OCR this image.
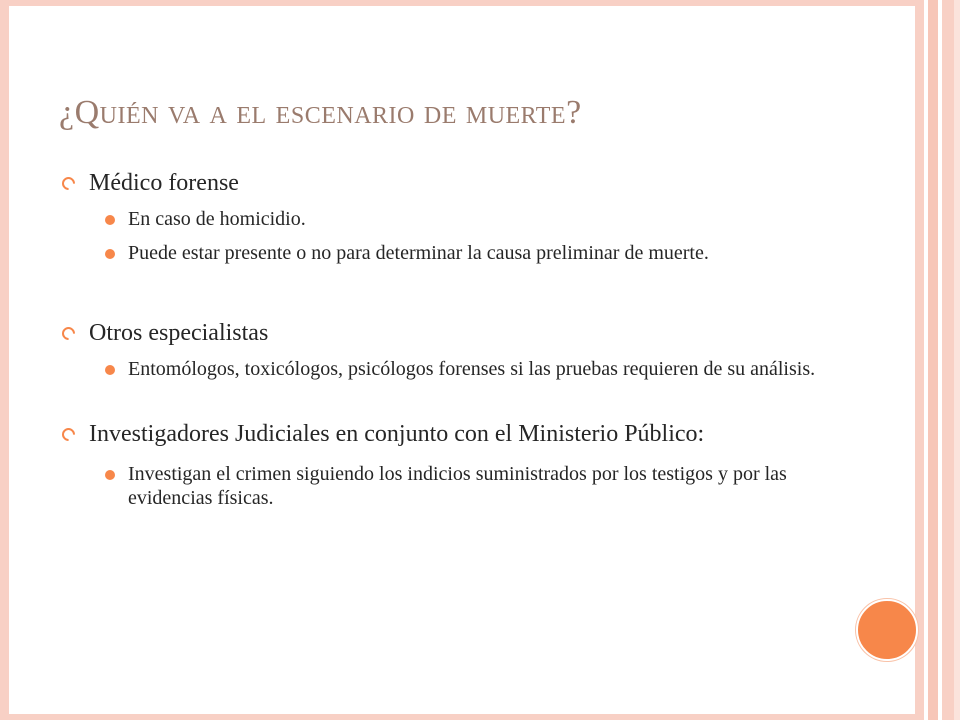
¿Quién va a el escenario de muerte?
Médico forense
En caso de homicidio.
Puede estar presente o no para determinar la causa preliminar de muerte.
Otros especialistas
Entomólogos, toxicólogos, psicólogos forenses si las pruebas requieren de su análisis.
Investigadores Judiciales en conjunto con el Ministerio Público:
Investigan el crimen siguiendo los indicios suministrados por los testigos y por las evidencias físicas.
